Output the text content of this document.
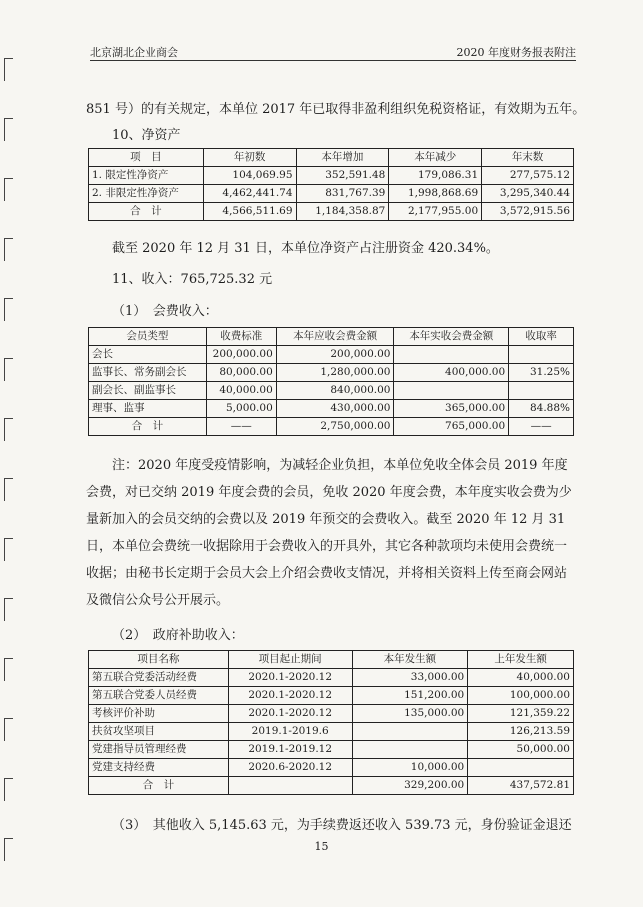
北京湖北企业商会	2020 年度财务报表附注
851 号）的有关规定，本单位 2017 年已取得非盈利组织免税资格证，有效期为五年。
10、净资产
项　目	年初数	本年增加	本年减少	年末数
1. 限定性净资产	104,069.95	352,591.48	179,086.31	277,575.12
2. 非限定性净资产	4,462,441.74	831,767.39	1,998,868.69	3,295,340.44
合　计	4,566,511.69	1,184,358.87	2,177,955.00	3,572,915.56
截至 2020 年 12 月 31 日，本单位净资产占注册资金 420.34%。
11、收入：765,725.32 元
（1）　会费收入：
会员类型	收费标准	本年应收会费金额	本年实收会费金额	收取率
会长	200,000.00	200,000.00		
监事长、常务副会长	80,000.00	1,280,000.00	400,000.00	31.25%
副会长、副监事长	40,000.00	840,000.00		
理事、监事	5,000.00	430,000.00	365,000.00	84.88%
合　计	——	2,750,000.00	765,000.00	——
注：2020 年度受疫情影响，为减轻企业负担，本单位免收全体会员 2019 年度会费，对已交纳 2019 年度会费的会员，免收 2020 年度会费，本年度实收会费为少量新加入的会员交纳的会费以及 2019 年预交的会费收入。截至 2020 年 12 月 31 日，本单位会费统一收据除用于会费收入的开具外，其它各种款项均未使用会费统一收据；由秘书长定期于会员大会上介绍会费收支情况，并将相关资料上传至商会网站及微信公众号公开展示。
（2）　政府补助收入：
项目名称	项目起止期间	本年发生额	上年发生额
第五联合党委活动经费	2020.1-2020.12	33,000.00	40,000.00
第五联合党委人员经费	2020.1-2020.12	151,200.00	100,000.00
考核评价补助	2020.1-2020.12	135,000.00	121,359.22
扶贫攻坚项目	2019.1-2019.6		126,213.59
党建指导员管理经费	2019.1-2019.12		50,000.00
党建支持经费	2020.6-2020.12	10,000.00	
合　计		329,200.00	437,572.81
（3）　其他收入 5,145.63 元，为手续费返还收入 539.73 元，身份验证金退还
15
